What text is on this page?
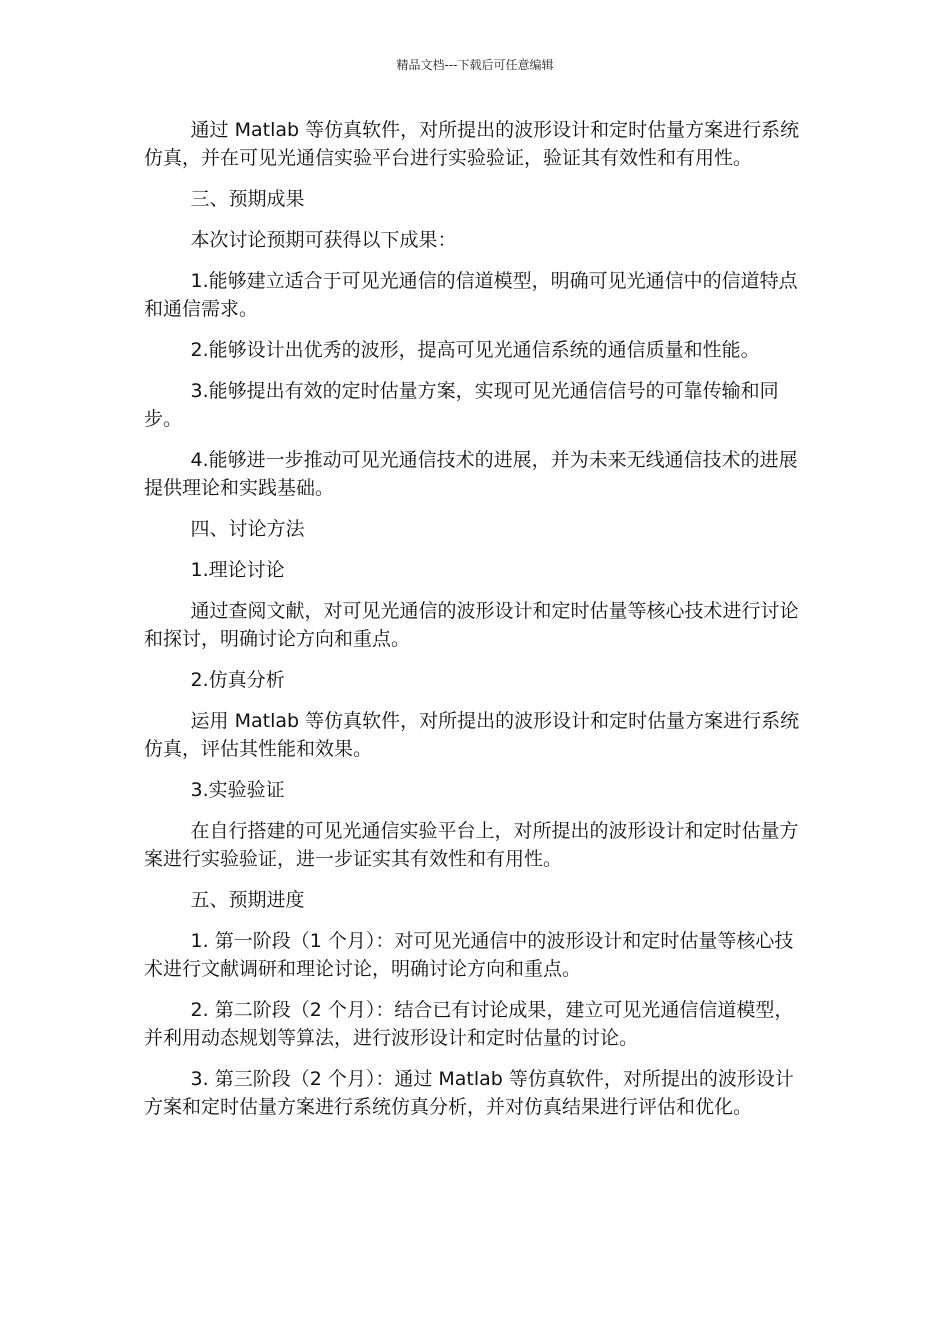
精品文档---下载后可任意编辑

通过 Matlab 等仿真软件，对所提出的波形设计和定时估量方案进行系统仿真，并在可见光通信实验平台进行实验验证，验证其有效性和有用性。

三、预期成果

本次讨论预期可获得以下成果：

1.能够建立适合于可见光通信的信道模型，明确可见光通信中的信道特点和通信需求。

2.能够设计出优秀的波形，提高可见光通信系统的通信质量和性能。

3.能够提出有效的定时估量方案，实现可见光通信信号的可靠传输和同步。

4.能够进一步推动可见光通信技术的进展，并为未来无线通信技术的进展提供理论和实践基础。

四、讨论方法

1.理论讨论

通过查阅文献，对可见光通信的波形设计和定时估量等核心技术进行讨论和探讨，明确讨论方向和重点。

2.仿真分析

运用 Matlab 等仿真软件，对所提出的波形设计和定时估量方案进行系统仿真，评估其性能和效果。

3.实验验证

在自行搭建的可见光通信实验平台上，对所提出的波形设计和定时估量方案进行实验验证，进一步证实其有效性和有用性。

五、预期进度

1. 第一阶段（1 个月）：对可见光通信中的波形设计和定时估量等核心技术进行文献调研和理论讨论，明确讨论方向和重点。

2. 第二阶段（2 个月）：结合已有讨论成果，建立可见光通信信道模型，并利用动态规划等算法，进行波形设计和定时估量的讨论。

3. 第三阶段（2 个月）：通过 Matlab 等仿真软件，对所提出的波形设计方案和定时估量方案进行系统仿真分析，并对仿真结果进行评估和优化。
